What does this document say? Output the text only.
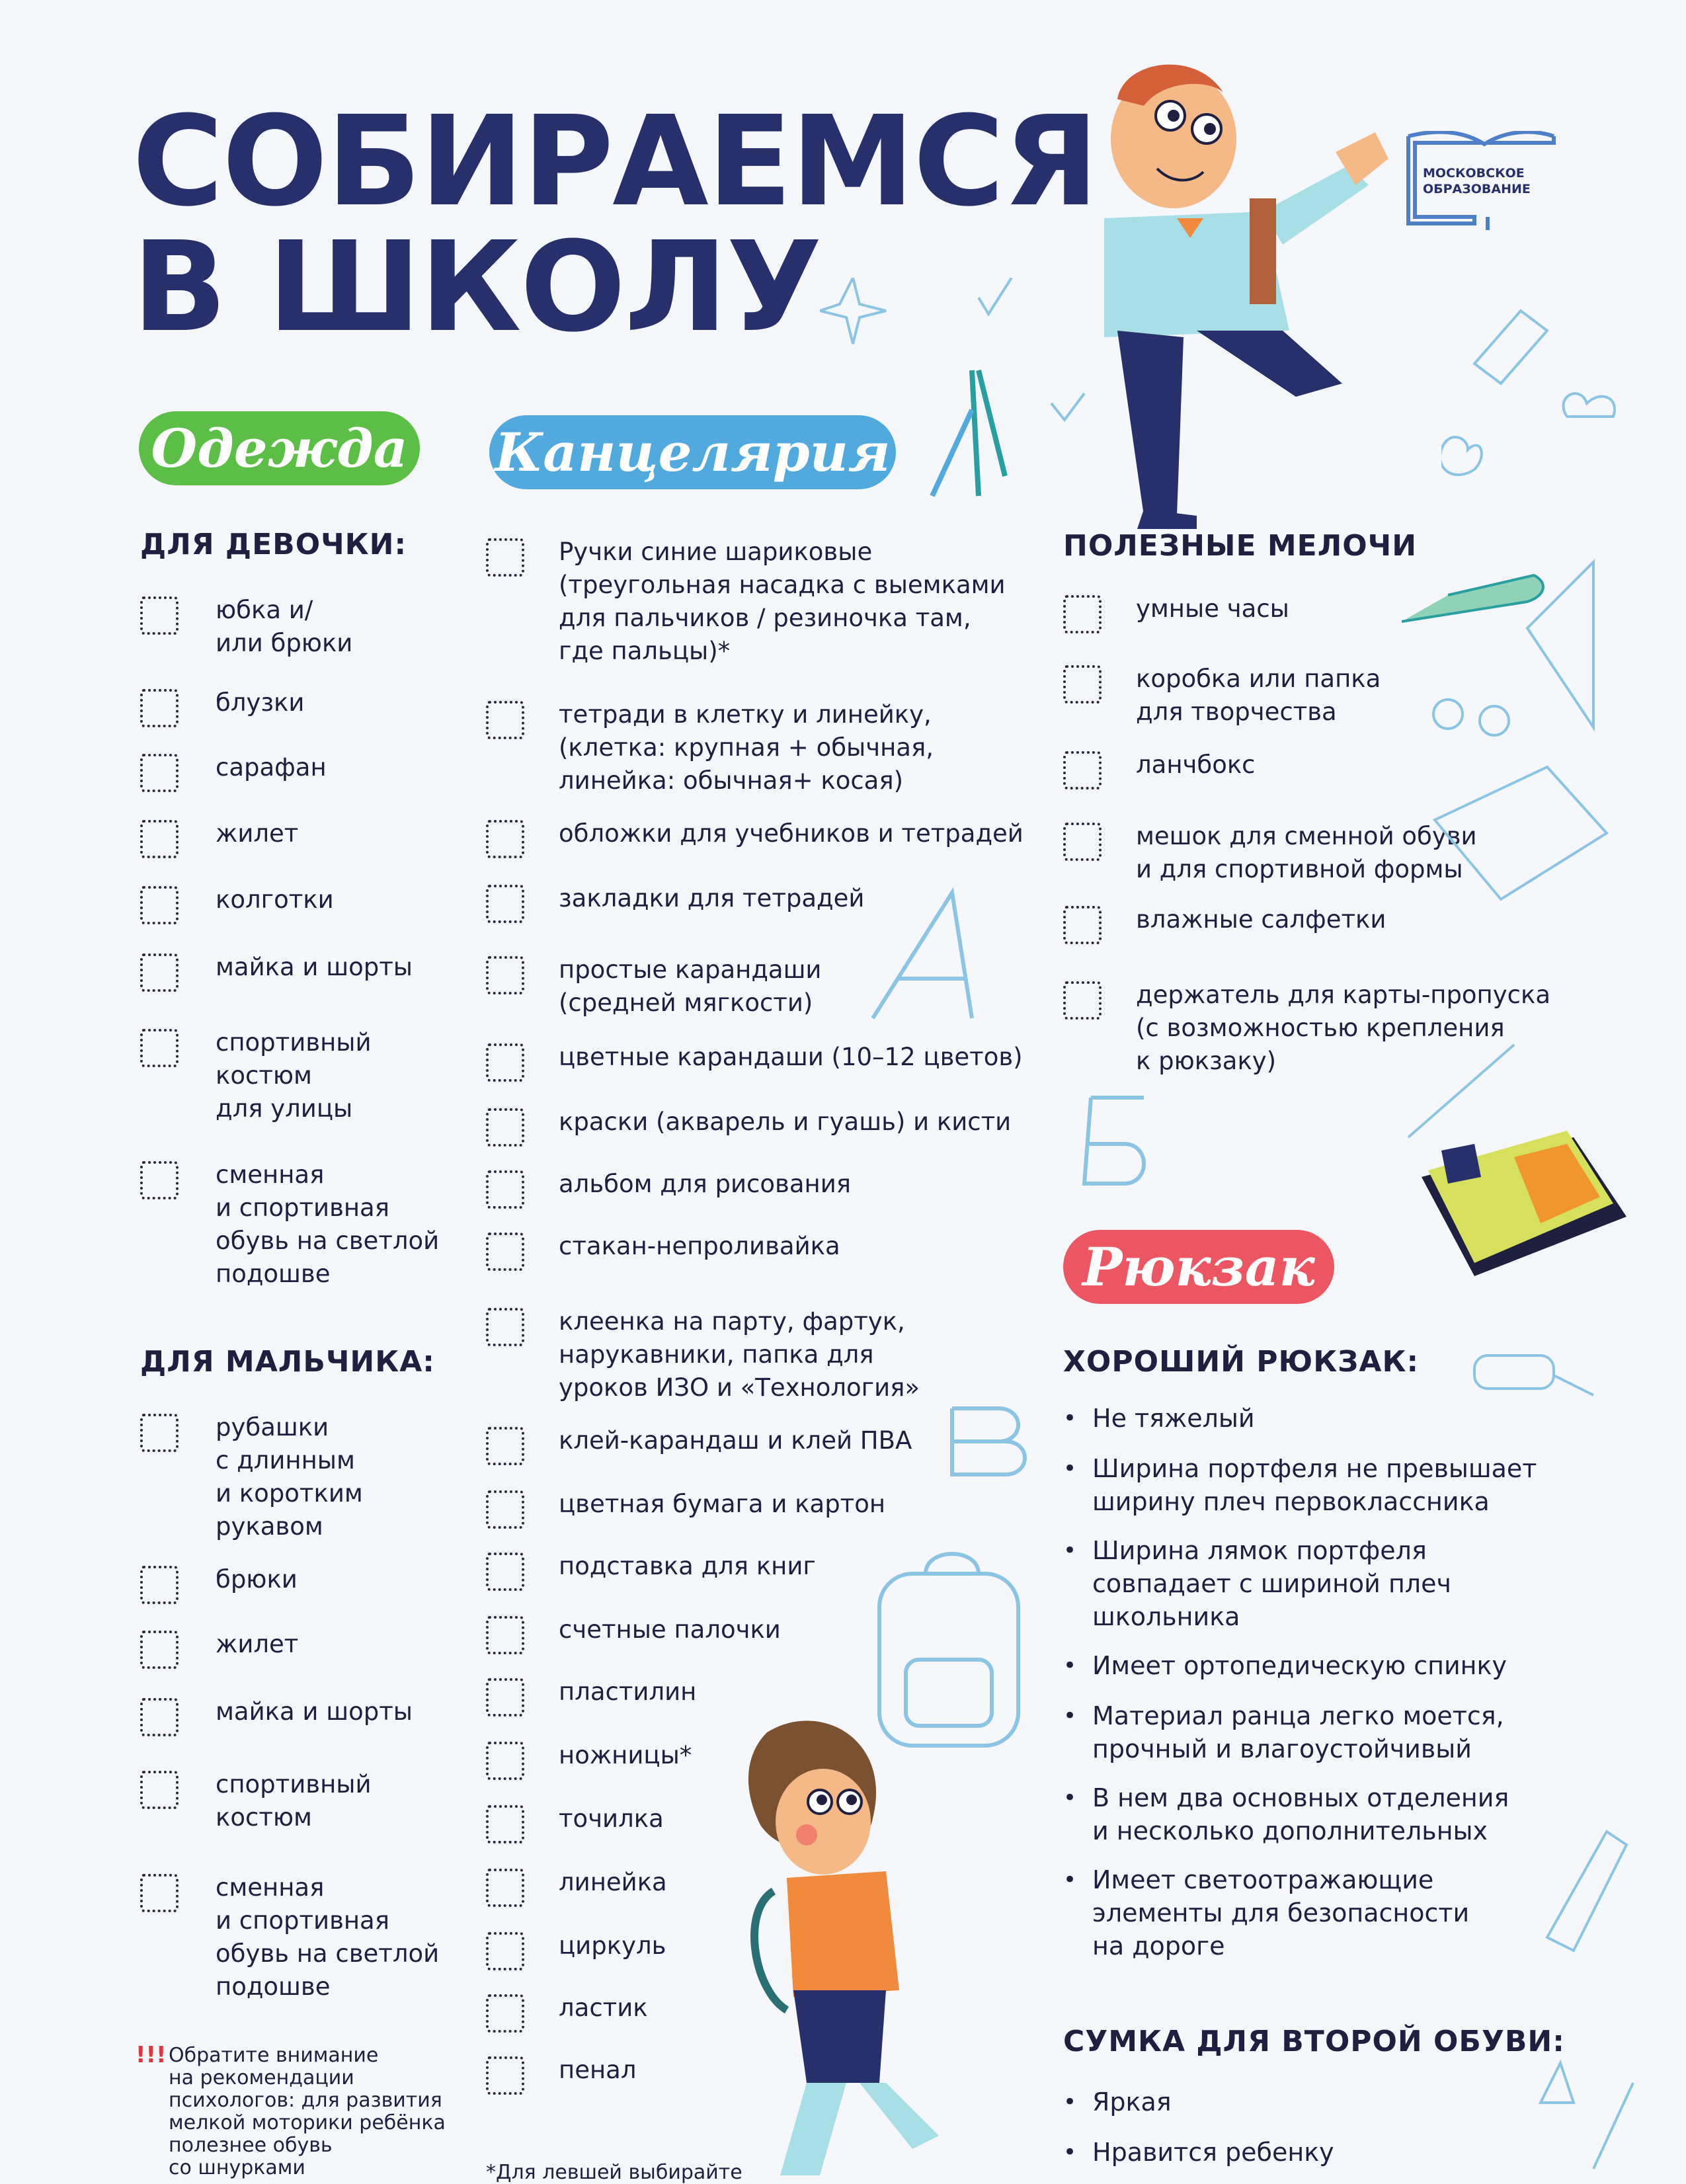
СОБИРАЕМСЯ
В ШКОЛУ
МОСКОВСКОЕ
ОБРАЗОВАНИЕ
Одежда Канцелярия
Рюкзак
ДЛЯ ДЕВОЧКИ:
юбка и/
или брюки
блузки
сарафан
жилет
колготки
майка и шорты
спортивный
костюм
для улицы
сменная
и спортивная
обувь на светлой
подошве
ДЛЯ МАЛЬЧИКА:
рубашки
с длинным
и коротким
рукавом
брюки
жилет
майка и шорты
спортивный
костюм
сменная
и спортивная
обувь на светлой
подошве
!!! Обратите внимание
на рекомендации
психологов: для развития
мелкой моторики ребёнка
полезнее обувь
со шнурками
Ручки синие шариковые
(треугольная насадка с выемками
для пальчиков / резиночка там,
где пальцы)*
тетради в клетку и линейку,
(клетка: крупная + обычная,
линейка: обычная+ косая)
обложки для учебников и тетрадей
закладки для тетрадей
простые карандаши
(средней мягкости)
цветные карандаши (10–12 цветов)
краски (акварель и гуашь) и кисти
альбом для рисования
стакан-непроливайка
клеенка на парту, фартук,
нарукавники, папка для
уроков ИЗО и «Технология»
клей-карандаш и клей ПВА
цветная бумага и картон
подставка для книг
счетные палочки
пластилин
ножницы*
точилка
линейка
циркуль
ластик
пенал
*Для левшей выбирайте
ПОЛЕЗНЫЕ МЕЛОЧИ
умные часы
коробка или папка
для творчества
ланчбокс
мешок для сменной обуви
и для спортивной формы
влажные салфетки
держатель для карты-пропуска
(с возможностью крепления
к рюкзаку)
ХОРОШИЙ РЮКЗАК:
• Не тяжелый
• Ширина портфеля не превышает
ширину плеч первоклассника
• Ширина лямок портфеля
совпадает с шириной плеч
школьника
• Имеет ортопедическую спинку
• Материал ранца легко моется,
прочный и влагоустойчивый
• В нем два основных отделения
и несколько дополнительных
• Имеет светоотражающие
элементы для безопасности
на дороге
СУМКА ДЛЯ ВТОРОЙ ОБУВИ:
• Яркая
• Нравится ребенку
